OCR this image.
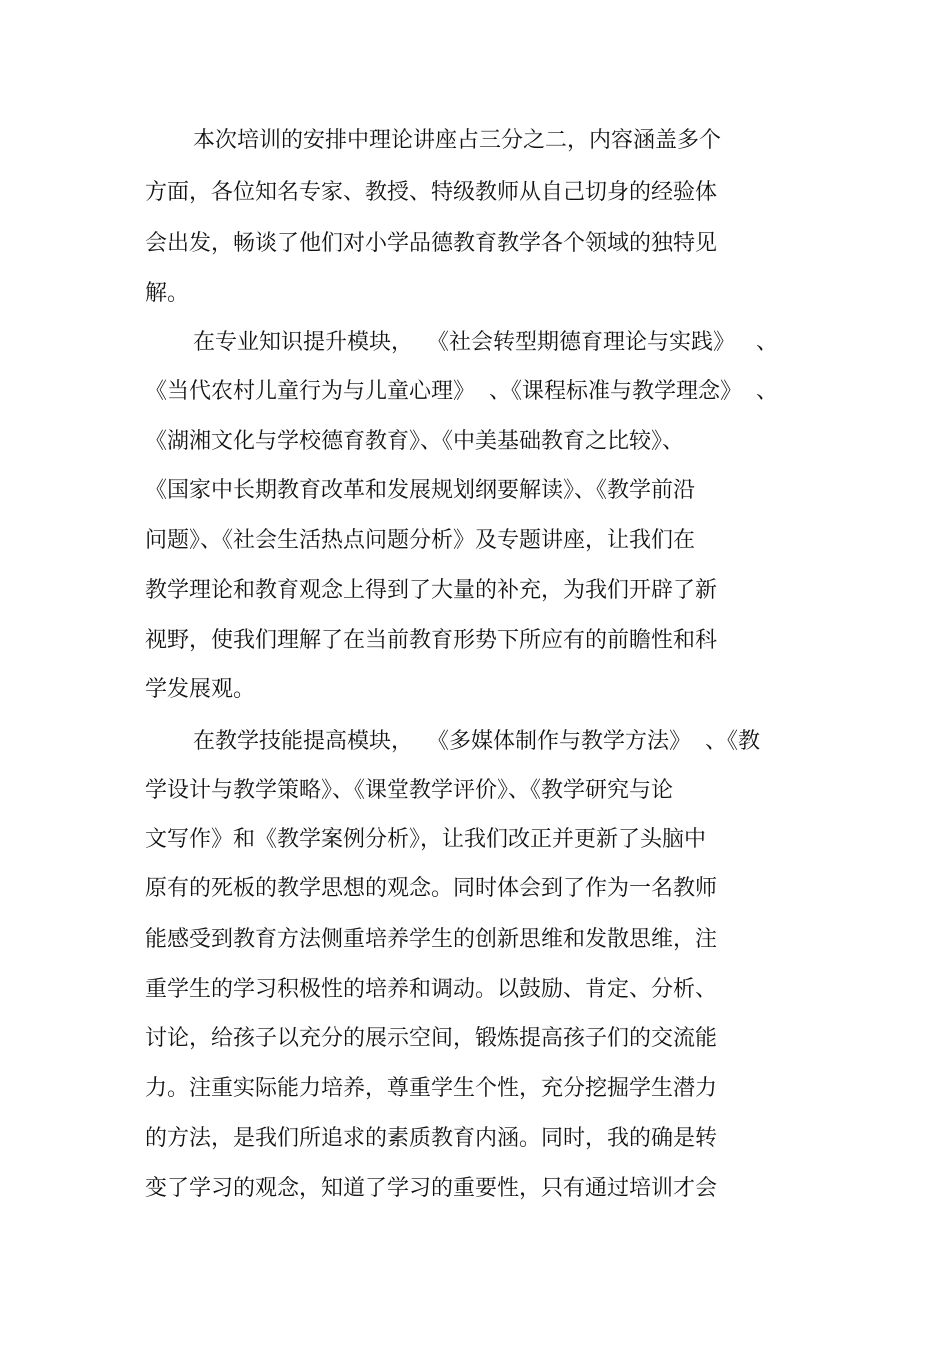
本次培训的安排中理论讲座占三分之二，内容涵盖多个
方面，各位知名专家、教授、特级教师从自己切身的经验体
会出发，畅谈了他们对小学品德教育教学各个领域的独特见
解。
在专业知识提升模块，  《社会转型期德育理论与实践》   、
《当代农村儿童行为与儿童心理》  、《课程标准与教学理念》  、
《湖湘文化与学校德育教育》、《中美基础教育之比较》、
《国家中长期教育改革和发展规划纲要解读》、《教学前沿
问题》、《社会生活热点问题分析》及专题讲座，让我们在
教学理论和教育观念上得到了大量的补充，为我们开辟了新
视野，使我们理解了在当前教育形势下所应有的前瞻性和科
学发展观。
在教学技能提高模块，  《多媒体制作与教学方法》  、《教
学设计与教学策略》、《课堂教学评价》、《教学研究与论
文写作》和《教学案例分析》，让我们改正并更新了头脑中
原有的死板的教学思想的观念。同时体会到了作为一名教师
能感受到教育方法侧重培养学生的创新思维和发散思维，注
重学生的学习积极性的培养和调动。以鼓励、肯定、分析、
讨论，给孩子以充分的展示空间，锻炼提高孩子们的交流能
力。注重实际能力培养，尊重学生个性，充分挖掘学生潜力
的方法，是我们所追求的素质教育内涵。同时，我的确是转
变了学习的观念，知道了学习的重要性，只有通过培训才会
